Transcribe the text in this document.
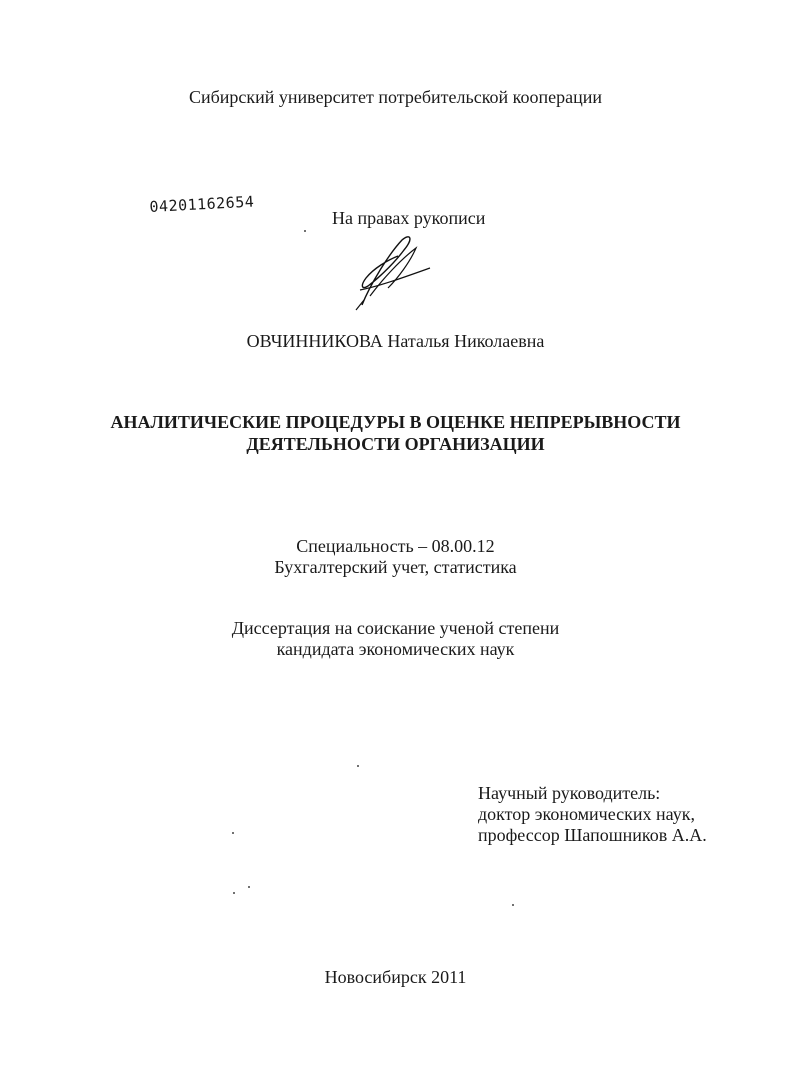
Сибирский университет потребительской кооперации
04201162654
На правах рукописи
ОВЧИННИКОВА Наталья Николаевна
АНАЛИТИЧЕСКИЕ ПРОЦЕДУРЫ В ОЦЕНКЕ НЕПРЕРЫВНОСТИ
ДЕЯТЕЛЬНОСТИ ОРГАНИЗАЦИИ
Специальность – 08.00.12
Бухгалтерский учет, статистика
Диссертация на соискание ученой степени
кандидата экономических наук
Научный руководитель:
доктор экономических наук,
профессор Шапошников А.А.
Новосибирск 2011
